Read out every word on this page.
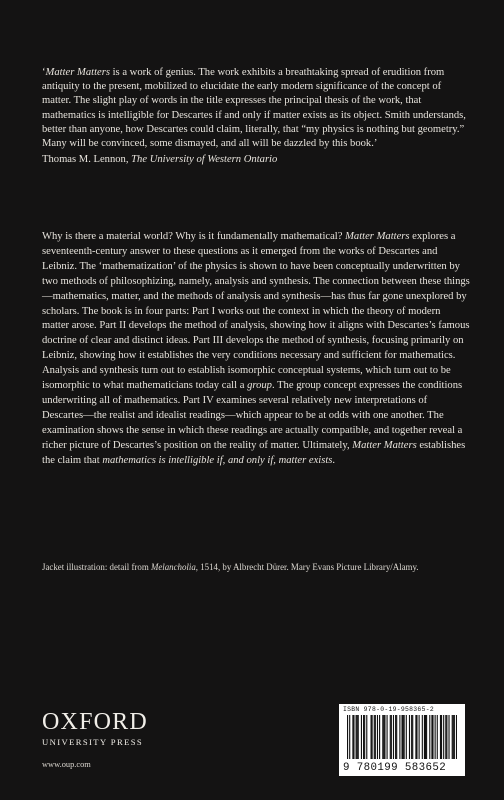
‘Matter Matters is a work of genius. The work exhibits a breathtaking spread of erudition from antiquity to the present, mobilized to elucidate the early modern significance of the concept of matter. The slight play of words in the title expresses the principal thesis of the work, that mathematics is intelligible for Descartes if and only if matter exists as its object. Smith understands, better than anyone, how Descartes could claim, literally, that “my physics is nothing but geometry.” Many will be convinced, some dismayed, and all will be dazzled by this book.’

Thomas M. Lennon, The University of Western Ontario

Why is there a material world? Why is it fundamentally mathematical? Matter Matters explores a seventeenth-century answer to these questions as it emerged from the works of Descartes and Leibniz. The ‘mathematization’ of the physics is shown to have been conceptually underwritten by two methods of philosophizing, namely, analysis and synthesis. The connection between these things—mathematics, matter, and the methods of analysis and synthesis—has thus far gone unexplored by scholars. The book is in four parts: Part I works out the context in which the theory of modern matter arose. Part II develops the method of analysis, showing how it aligns with Descartes’s famous doctrine of clear and distinct ideas. Part III develops the method of synthesis, focusing primarily on Leibniz, showing how it establishes the very conditions necessary and sufficient for mathematics. Analysis and synthesis turn out to establish isomorphic conceptual systems, which turn out to be isomorphic to what mathematicians today call a group. The group concept expresses the conditions underwriting all of mathematics. Part IV examines several relatively new interpretations of Descartes—the realist and idealist readings—which appear to be at odds with one another. The examination shows the sense in which these readings are actually compatible, and together reveal a richer picture of Descartes’s position on the reality of matter. Ultimately, Matter Matters establishes the claim that mathematics is intelligible if, and only if, matter exists.

Jacket illustration: detail from Melancholia, 1514, by Albrecht Dürer. Mary Evans Picture Library/Alamy.

OXFORD
UNIVERSITY PRESS
www.oup.com
ISBN 978-0-19-958365-2
9 780199 583652
